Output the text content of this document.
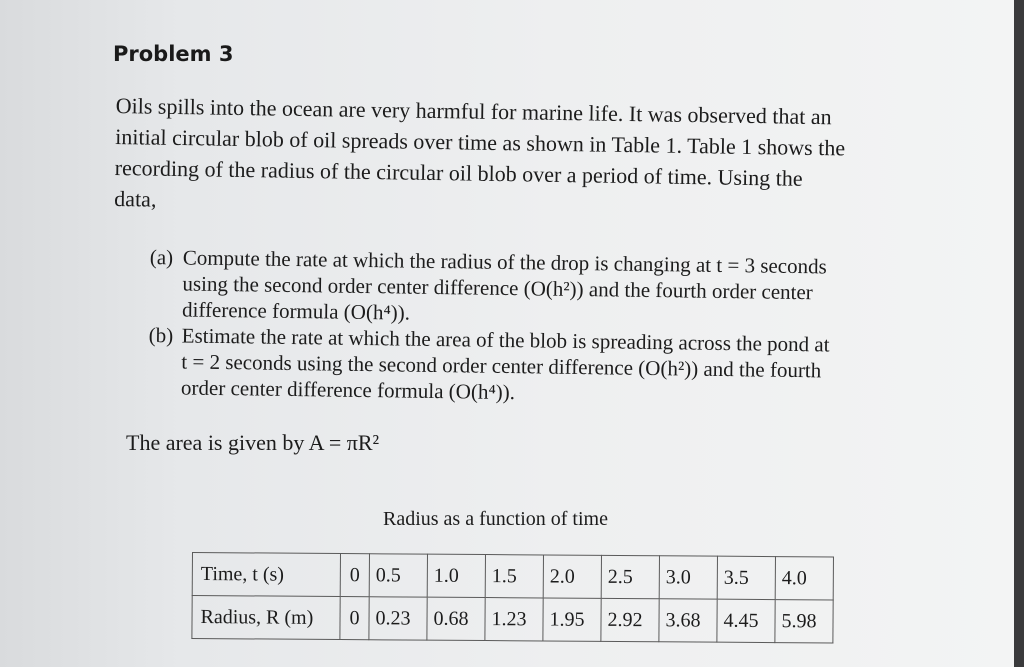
Problem 3
Oils spills into the ocean are very harmful for marine life. It was observed that an
initial circular blob of oil spreads over time as shown in Table 1. Table 1 shows the
recording of the radius of the circular oil blob over a period of time. Using the
data,
(a) Compute the rate at which the radius of the drop is changing at t = 3 seconds
using the second order center difference (O(h²)) and the fourth order center
difference formula (O(h⁴)).
(b) Estimate the rate at which the area of the blob is spreading across the pond at
t = 2 seconds using the second order center difference (O(h²)) and the fourth
order center difference formula (O(h⁴)).
The area is given by A = πR²
Radius as a function of time
Time, t (s)	0	0.5	1.0	1.5	2.0	2.5	3.0	3.5	4.0
Radius, R (m)	0	0.23	0.68	1.23	1.95	2.92	3.68	4.45	5.98
